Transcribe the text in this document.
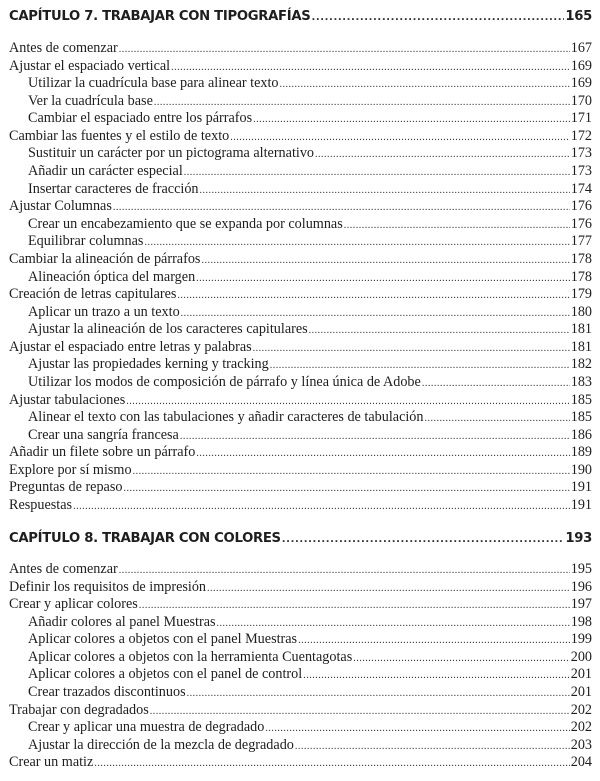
CAPÍTULO 7. TRABAJAR CON TIPOGRAFÍAS .....	165
Antes de comenzar .....	167
Ajustar el espaciado vertical .....	169
Utilizar la cuadrícula base para alinear texto .....	169
Ver la cuadrícula base .....	170
Cambiar el espaciado entre los párrafos .....	171
Cambiar las fuentes y el estilo de texto .....	172
Sustituir un carácter por un pictograma alternativo .....	173
Añadir un carácter especial .....	173
Insertar caracteres de fracción .....	174
Ajustar Columnas .....	176
Crear un encabezamiento que se expanda por columnas .....	176
Equilibrar columnas .....	177
Cambiar la alineación de párrafos .....	178
Alineación óptica del margen .....	178
Creación de letras capitulares .....	179
Aplicar un trazo a un texto .....	180
Ajustar la alineación de los caracteres capitulares .....	181
Ajustar el espaciado entre letras y palabras .....	181
Ajustar las propiedades kerning y tracking .....	182
Utilizar los modos de composición de párrafo y línea única de Adobe .....	183
Ajustar tabulaciones .....	185
Alinear el texto con las tabulaciones y añadir caracteres de tabulación .....	185
Crear una sangría francesa .....	186
Añadir un filete sobre un párrafo .....	189
Explore por sí mismo .....	190
Preguntas de repaso .....	191
Respuestas .....	191
CAPÍTULO 8. TRABAJAR CON COLORES .....	193
Antes de comenzar .....	195
Definir los requisitos de impresión .....	196
Crear y aplicar colores .....	197
Añadir colores al panel Muestras .....	198
Aplicar colores a objetos con el panel Muestras .....	199
Aplicar colores a objetos con la herramienta Cuentagotas .....	200
Aplicar colores a objetos con el panel de control .....	201
Crear trazados discontinuos .....	201
Trabajar con degradados .....	202
Crear y aplicar una muestra de degradado .....	202
Ajustar la dirección de la mezcla de degradado .....	203
Crear un matiz .....	204
